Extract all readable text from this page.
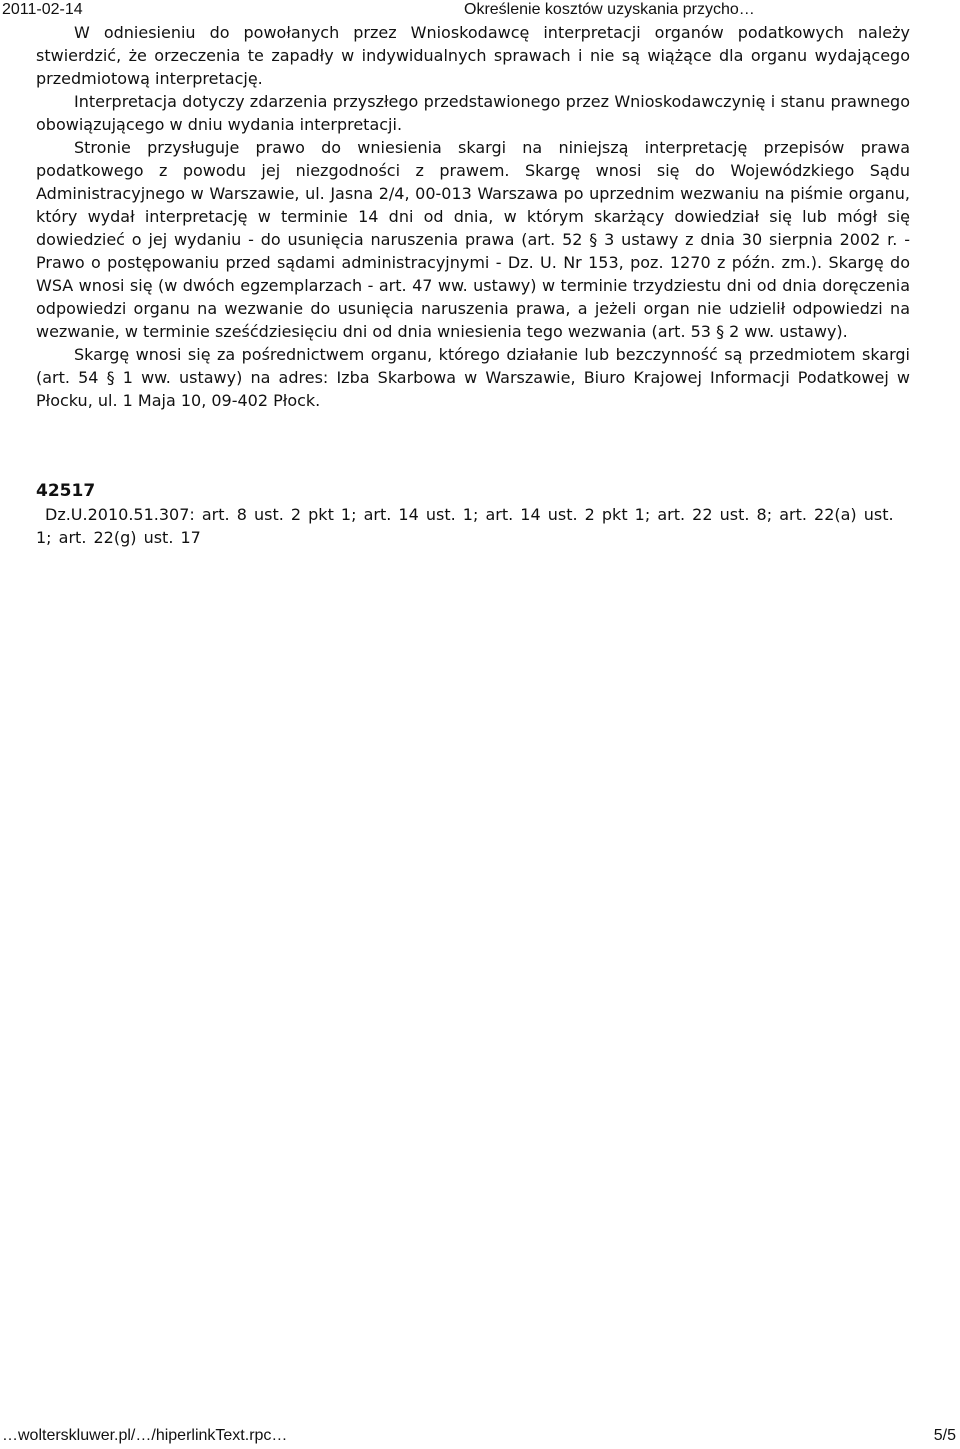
2011-02-14	Określenie kosztów uzyskania przycho…

W odniesieniu do powołanych przez Wnioskodawcę interpretacji organów podatkowych należy stwierdzić, że orzeczenia te zapadły w indywidualnych sprawach i nie są wiążące dla organu wydającego przedmiotową interpretację.

Interpretacja dotyczy zdarzenia przyszłego przedstawionego przez Wnioskodawczynię i stanu prawnego obowiązującego w dniu wydania interpretacji.

Stronie przysługuje prawo do wniesienia skargi na niniejszą interpretację przepisów prawa podatkowego z powodu jej niezgodności z prawem. Skargę wnosi się do Wojewódzkiego Sądu Administracyjnego w Warszawie, ul. Jasna 2/4, 00-013 Warszawa po uprzednim wezwaniu na piśmie organu, który wydał interpretację w terminie 14 dni od dnia, w którym skarżący dowiedział się lub mógł się dowiedzieć o jej wydaniu - do usunięcia naruszenia prawa (art. 52 § 3 ustawy z dnia 30 sierpnia 2002 r. - Prawo o postępowaniu przed sądami administracyjnymi - Dz. U. Nr 153, poz. 1270 z późn. zm.). Skargę do WSA wnosi się (w dwóch egzemplarzach - art. 47 ww. ustawy) w terminie trzydziestu dni od dnia doręczenia odpowiedzi organu na wezwanie do usunięcia naruszenia prawa, a jeżeli organ nie udzielił odpowiedzi na wezwanie, w terminie sześćdziesięciu dni od dnia wniesienia tego wezwania (art. 53 § 2 ww. ustawy).

Skargę wnosi się za pośrednictwem organu, którego działanie lub bezczynność są przedmiotem skargi (art. 54 § 1 ww. ustawy) na adres: Izba Skarbowa w Warszawie, Biuro Krajowej Informacji Podatkowej w Płocku, ul. 1 Maja 10, 09-402 Płock.

42517

Dz.U.2010.51.307: art. 8 ust. 2 pkt 1; art. 14 ust. 1; art. 14 ust. 2 pkt 1; art. 22 ust. 8; art. 22(a) ust. 1; art. 22(g) ust. 17

…wolterskluwer.pl/…/hiperlinkText.rpc…	5/5
